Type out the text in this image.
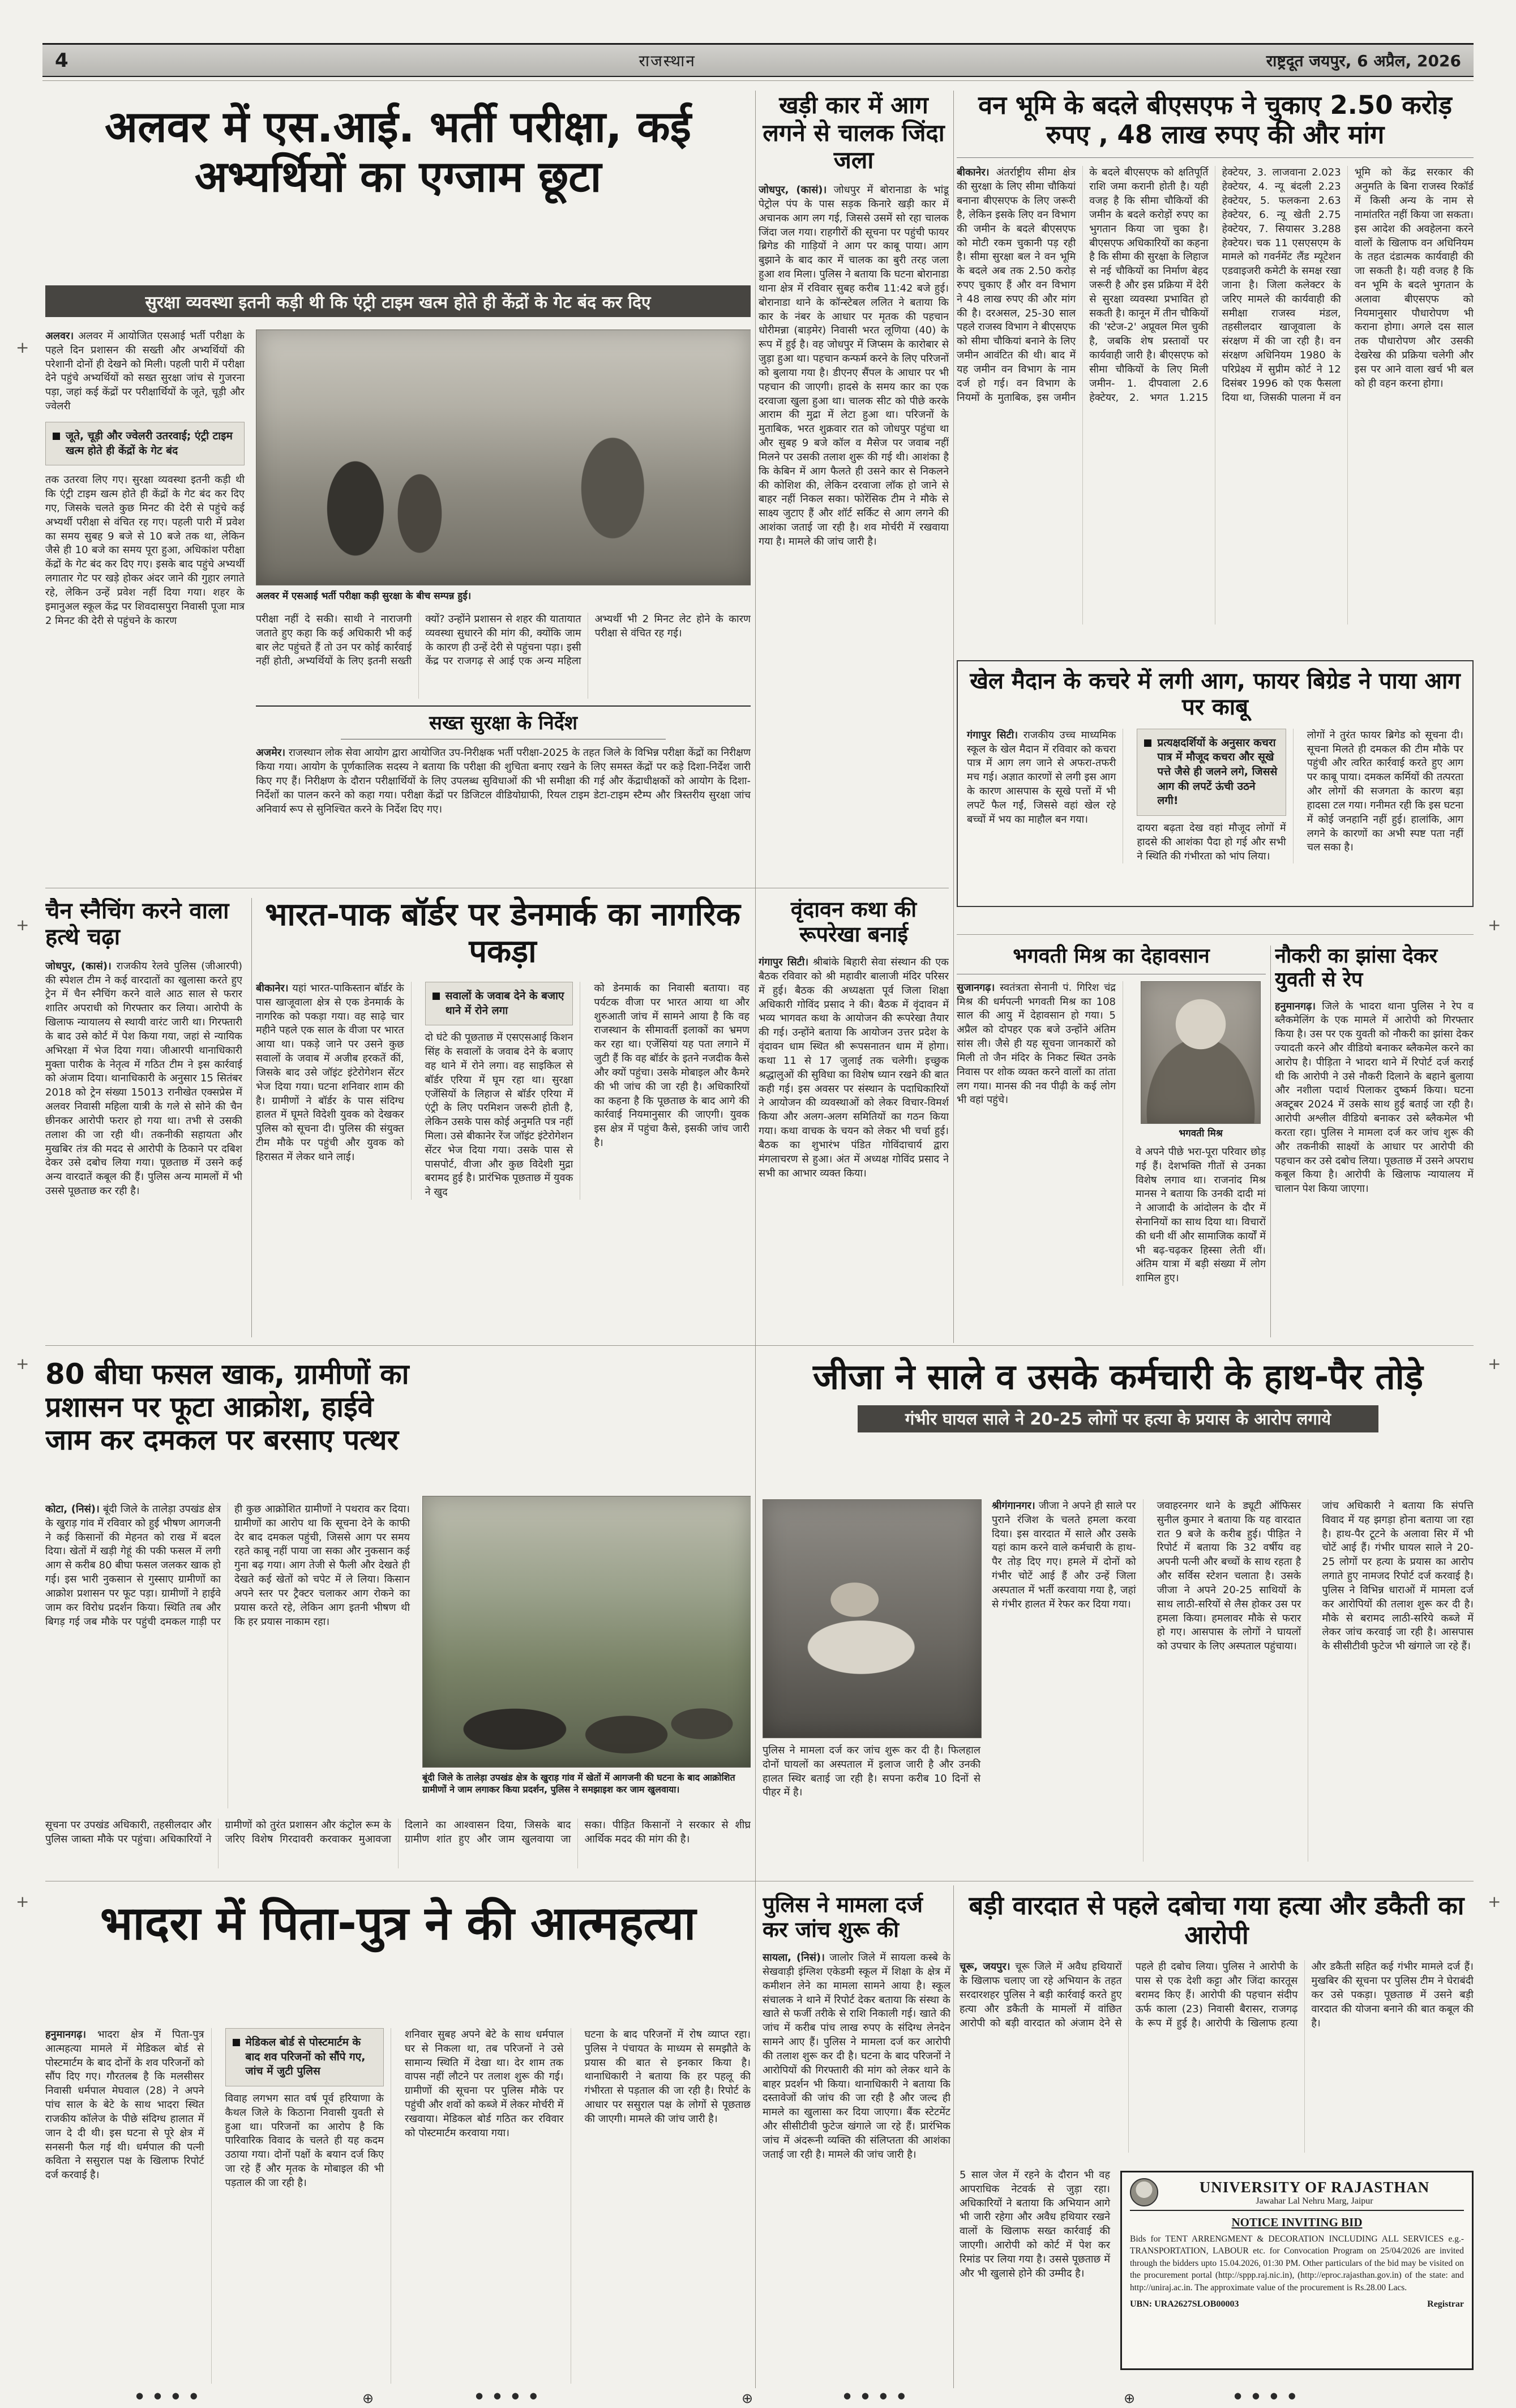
4	राजस्थान	राष्ट्रदूत जयपुर, 6 अप्रैल, 2026
अलवर में एस.आई. भर्ती परीक्षा, कई अभ्यर्थियों का एग्जाम छूटा
सुरक्षा व्यवस्था इतनी कड़ी थी कि एंट्री टाइम खत्म होते ही केंद्रों के गेट बंद कर दिए

अलवर। अलवर में आयोजित एसआई भर्ती परीक्षा के पहले दिन प्रशासन की सख्ती और अभ्यर्थियों की परेशानी दोनों ही देखने को मिली। पहली पारी में परीक्षा देने पहुंचे अभ्यर्थियों को सख्त सुरक्षा जांच से गुजरना पड़ा, जहां कई केंद्रों पर परीक्षार्थियों के जूते, चूड़ी और ज्वेलरी

जूते, चूड़ी और ज्वेलरी उतरवाई; एंट्री टाइम खत्म होते ही केंद्रों के गेट बंद

तक उतरवा लिए गए। सुरक्षा व्यवस्था इतनी कड़ी थी कि एंट्री टाइम खत्म होते ही केंद्रों के गेट बंद कर दिए गए, जिसके चलते कुछ मिनट की देरी से पहुंचे कई अभ्यर्थी परीक्षा से वंचित रह गए। पहली पारी में प्रवेश का समय सुबह 9 बजे से 10 बजे तक था, लेकिन जैसे ही 10 बजे का समय पूरा हुआ, अधिकांश परीक्षा केंद्रों के गेट बंद कर दिए गए। इसके बाद पहुंचे अभ्यर्थी लगातार गेट पर खड़े होकर अंदर जाने की गुहार लगाते रहे, लेकिन उन्हें प्रवेश नहीं दिया गया। शहर के इमानुअल स्कूल केंद्र पर शिवदासपुरा निवासी पूजा मात्र 2 मिनट की देरी से पहुंचने के कारण

अलवर में एसआई भर्ती परीक्षा कड़ी सुरक्षा के बीच सम्पन्न हुई।

परीक्षा नहीं दे सकी। साथी ने नाराजगी जताते हुए कहा कि कई अधिकारी भी कई बार लेट पहुंचते हैं तो उन पर कोई कार्रवाई नहीं होती, अभ्यर्थियों के लिए इतनी सख्ती क्यों? उन्होंने प्रशासन से शहर की यातायात व्यवस्था सुधारने की मांग की, क्योंकि जाम के कारण ही उन्हें देरी से पहुंचना पड़ा। इसी केंद्र पर राजगढ़ से आई एक अन्य महिला अभ्यर्थी भी 2 मिनट लेट होने के कारण परीक्षा से वंचित रह गई।
सख्त सुरक्षा के निर्देश

अजमेर। राजस्थान लोक सेवा आयोग द्वारा आयोजित उप-निरीक्षक भर्ती परीक्षा-2025 के तहत जिले के विभिन्न परीक्षा केंद्रों का निरीक्षण किया गया। आयोग के पूर्णकालिक सदस्य ने बताया कि परीक्षा की शुचिता बनाए रखने के लिए समस्त केंद्रों पर कड़े दिशा-निर्देश जारी किए गए हैं। निरीक्षण के दौरान परीक्षार्थियों के लिए उपलब्ध सुविधाओं की भी समीक्षा की गई और केंद्राधीक्षकों को आयोग के दिशा-निर्देशों का पालन करने को कहा गया। परीक्षा केंद्रों पर डिजिटल वीडियोग्राफी, रियल टाइम डेटा-टाइम स्टैम्प और त्रिस्तरीय सुरक्षा जांच अनिवार्य रूप से सुनिश्चित करने के निर्देश दिए गए।

खड़ी कार में आग लगने से चालक जिंदा जला

जोधपुर, (कासं)। जोधपुर में बोरानाडा के भांडू पेट्रोल पंप के पास सड़क किनारे खड़ी कार में अचानक आग लग गई, जिससे उसमें सो रहा चालक जिंदा जल गया। राहगीरों की सूचना पर पहुंची फायर ब्रिगेड की गाड़ियों ने आग पर काबू पाया। आग बुझाने के बाद कार में चालक का बुरी तरह जला हुआ शव मिला। पुलिस ने बताया कि घटना बोरानाडा थाना क्षेत्र में रविवार सुबह करीब 11:42 बजे हुई। बोरानाडा थाने के कॉन्स्टेबल ललित ने बताया कि कार के नंबर के आधार पर मृतक की पहचान धोरीमन्ना (बाड़मेर) निवासी भरत लूणिया (40) के रूप में हुई है। वह जोधपुर में जिप्सम के कारोबार से जुड़ा हुआ था। पहचान कन्फर्म करने के लिए परिजनों को बुलाया गया है। डीएनए सैंपल के आधार पर भी पहचान की जाएगी। हादसे के समय कार का एक दरवाजा खुला हुआ था। चालक सीट को पीछे करके आराम की मुद्रा में लेटा हुआ था। परिजनों के मुताबिक, भरत शुक्रवार रात को जोधपुर पहुंचा था और सुबह 9 बजे कॉल व मैसेज पर जवाब नहीं मिलने पर उसकी तलाश शुरू की गई थी। आशंका है कि केबिन में आग फैलते ही उसने कार से निकलने की कोशिश की, लेकिन दरवाजा लॉक हो जाने से बाहर नहीं निकल सका। फोरेंसिक टीम ने मौके से साक्ष्य जुटाए हैं और शॉर्ट सर्किट से आग लगने की आशंका जताई जा रही है। शव मोर्चरी में रखवाया गया है। मामले की जांच जारी है।

वन भूमि के बदले बीएसएफ ने चुकाए 2.50 करोड़ रुपए , 48 लाख रुपए की और मांग

बीकानेर। अंतर्राष्ट्रीय सीमा क्षेत्र की सुरक्षा के लिए सीमा चौकियां बनाना बीएसएफ के लिए जरूरी है, लेकिन इसके लिए वन विभाग की जमीन के बदले बीएसएफ को मोटी रकम चुकानी पड़ रही है। सीमा सुरक्षा बल ने वन भूमि के बदले अब तक 2.50 करोड़ रुपए चुकाए हैं और वन विभाग ने 48 लाख रुपए की और मांग की है। दरअसल, 25-30 साल पहले राजस्व विभाग ने बीएसएफ को सीमा चौकियां बनाने के लिए जमीन आवंटित की थी। बाद में यह जमीन वन विभाग के नाम दर्ज हो गई। वन विभाग के नियमों के मुताबिक, इस जमीन के बदले बीएसएफ को क्षतिपूर्ति राशि जमा करानी होती है। यही वजह है कि सीमा चौकियों की जमीन के बदले करोड़ों रुपए का भुगतान किया जा चुका है। बीएसएफ अधिकारियों का कहना है कि सीमा की सुरक्षा के लिहाज से नई चौकियों का निर्माण बेहद जरूरी है और इस प्रक्रिया में देरी से सुरक्षा व्यवस्था प्रभावित हो सकती है। कानून में तीन चौकियों की 'स्टेज-2' अप्रूवल मिल चुकी है, जबकि शेष प्रस्तावों पर कार्यवाही जारी है। बीएसएफ को सीमा चौकियों के लिए मिली जमीन- 1. दीपवाला 2.6 हेक्टेयर, 2. भगत 1.215 हेक्टेयर, 3. लाजवाना 2.023 हेक्टेयर, 4. न्यू बंदली 2.23 हेक्टेयर, 5. फलकना 2.63 हेक्टेयर, 6. न्यू खेती 2.75 हेक्टेयर, 7. सियासर 3.288 हेक्टेयर। चक 11 एसएसएम के मामले को गवर्नमेंट लैंड म्यूटेशन एडवाइजरी कमेटी के समक्ष रखा जाना है। जिला कलेक्टर के जरिए मामले की कार्यवाही की समीक्षा राजस्व मंडल, तहसीलदार खाजूवाला के संरक्षण में की जा रही है। वन संरक्षण अधिनियम 1980 के परिप्रेक्ष्य में सुप्रीम कोर्ट ने 12 दिसंबर 1996 को एक फैसला दिया था, जिसकी पालना में वन भूमि को केंद्र सरकार की अनुमति के बिना राजस्व रिकॉर्ड में किसी अन्य के नाम से नामांतरित नहीं किया जा सकता। इस आदेश की अवहेलना करने वालों के खिलाफ वन अधिनियम के तहत दंडात्मक कार्यवाही की जा सकती है। यही वजह है कि वन भूमि के बदले भुगतान के अलावा बीएसएफ को नियमानुसार पौधारोपण भी कराना होगा। अगले दस साल तक पौधारोपण और उसकी देखरेख की प्रक्रिया चलेगी और इस पर आने वाला खर्च भी बल को ही वहन करना होगा।

खेल मैदान के कचरे में लगी आग, फायर बिग्रेड ने पाया आग पर काबू

गंगापुर सिटी। राजकीय उच्च माध्यमिक स्कूल के खेल मैदान में रविवार को कचरा पात्र में आग लग जाने से अफरा-तफरी मच गई। अज्ञात कारणों से लगी इस आग के कारण आसपास के सूखे पत्तों में भी लपटें फैल गईं, जिससे वहां खेल रहे बच्चों में भय का माहौल बन गया।

प्रत्यक्षदर्शियों के अनुसार कचरा पात्र में मौजूद कचरा और सूखे पत्ते जैसे ही जलने लगे, जिससे आग की लपटें ऊंची उठने लगी!

दायरा बढ़ता देख वहां मौजूद लोगों में हादसे की आशंका पैदा हो गई और सभी ने स्थिति की गंभीरता को भांप लिया।

लोगों ने तुरंत फायर ब्रिगेड को सूचना दी। सूचना मिलते ही दमकल की टीम मौके पर पहुंची और त्वरित कार्रवाई करते हुए आग पर काबू पाया। दमकल कर्मियों की तत्परता और लोगों की सजगता के कारण बड़ा हादसा टल गया। गनीमत रही कि इस घटना में कोई जनहानि नहीं हुई। हालांकि, आग लगने के कारणों का अभी स्पष्ट पता नहीं चल सका है।

चैन स्नैचिंग करने वाला हत्थे चढ़ा

जोधपुर, (कासं)। राजकीय रेलवे पुलिस (जीआरपी) की स्पेशल टीम ने कई वारदातों का खुलासा करते हुए ट्रेन में चैन स्नैचिंग करने वाले आठ साल से फरार शातिर अपराधी को गिरफ्तार कर लिया। आरोपी के खिलाफ न्यायालय से स्थायी वारंट जारी था। गिरफ्तारी के बाद उसे कोर्ट में पेश किया गया, जहां से न्यायिक अभिरक्षा में भेज दिया गया। जीआरपी थानाधिकारी मुक्ता पारीक के नेतृत्व में गठित टीम ने इस कार्रवाई को अंजाम दिया। थानाधिकारी के अनुसार 15 सितंबर 2018 को ट्रेन संख्या 15013 रानीखेत एक्सप्रेस में अलवर निवासी महिला यात्री के गले से सोने की चैन छीनकर आरोपी फरार हो गया था। तभी से उसकी तलाश की जा रही थी। तकनीकी सहायता और मुखबिर तंत्र की मदद से आरोपी के ठिकाने पर दबिश देकर उसे दबोच लिया गया। पूछताछ में उसने कई अन्य वारदातें कबूल की हैं। पुलिस अन्य मामलों में भी उससे पूछताछ कर रही है।

भारत-पाक बॉर्डर पर डेनमार्क का नागरिक पकड़ा

बीकानेर। यहां भारत-पाकिस्तान बॉर्डर के पास खाजूवाला क्षेत्र से एक डेनमार्क के नागरिक को पकड़ा गया। वह साढ़े चार महीने पहले एक साल के वीजा पर भारत आया था। पकड़े जाने पर उसने कुछ सवालों के जवाब में अजीब हरकतें कीं, जिसके बाद उसे जॉइंट इंटेरोगेशन सेंटर भेज दिया गया। घटना शनिवार शाम की है। ग्रामीणों ने बॉर्डर के पास संदिग्ध हालत में घूमते विदेशी युवक को देखकर पुलिस को सूचना दी। पुलिस की संयुक्त टीम मौके पर पहुंची और युवक को हिरासत में लेकर थाने लाई।

सवालों के जवाब देने के बजाए थाने में रोने लगा

दो घंटे की पूछताछ में एसएसआई किशन सिंह के सवालों के जवाब देने के बजाए वह थाने में रोने लगा। वह साइकिल से बॉर्डर एरिया में घूम रहा था। सुरक्षा एजेंसियों के लिहाज से बॉर्डर एरिया में एंट्री के लिए परमिशन जरूरी होती है, लेकिन उसके पास कोई अनुमति पत्र नहीं मिला। उसे बीकानेर रेंज जॉइंट इंटेरोगेशन सेंटर भेज दिया गया। उसके पास से पासपोर्ट, वीजा और कुछ विदेशी मुद्रा बरामद हुई है। प्रारंभिक पूछताछ में युवक ने खुद

को डेनमार्क का निवासी बताया। वह पर्यटक वीजा पर भारत आया था और शुरुआती जांच में सामने आया है कि वह राजस्थान के सीमावर्ती इलाकों का भ्रमण कर रहा था। एजेंसियां यह पता लगाने में जुटी हैं कि वह बॉर्डर के इतने नजदीक कैसे और क्यों पहुंचा। उसके मोबाइल और कैमरे की भी जांच की जा रही है। अधिकारियों का कहना है कि पूछताछ के बाद आगे की कार्रवाई नियमानुसार की जाएगी। युवक इस क्षेत्र में पहुंचा कैसे, इसकी जांच जारी है।

वृंदावन कथा की रूपरेखा बनाई

गंगापुर सिटी। श्रीबांके बिहारी सेवा संस्थान की एक बैठक रविवार को श्री महावीर बालाजी मंदिर परिसर में हुई। बैठक की अध्यक्षता पूर्व जिला शिक्षा अधिकारी गोविंद प्रसाद ने की। बैठक में वृंदावन में भव्य भागवत कथा के आयोजन की रूपरेखा तैयार की गई। उन्होंने बताया कि आयोजन उत्तर प्रदेश के वृंदावन धाम स्थित श्री रूपसनातन धाम में होगा। कथा 11 से 17 जुलाई तक चलेगी। इच्छुक श्रद्धालुओं की सुविधा का विशेष ध्यान रखने की बात कही गई। इस अवसर पर संस्थान के पदाधिकारियों ने आयोजन की व्यवस्थाओं को लेकर विचार-विमर्श किया और अलग-अलग समितियों का गठन किया गया। कथा वाचक के चयन को लेकर भी चर्चा हुई। बैठक का शुभारंभ पंडित गोविंदाचार्य द्वारा मंगलाचरण से हुआ। अंत में अध्यक्ष गोविंद प्रसाद ने सभी का आभार व्यक्त किया।

भगवती मिश्र का देहावसान

सुजानगढ़। स्वतंत्रता सेनानी पं. गिरिश चंद्र मिश्र की धर्मपत्नी भगवती मिश्र का 108 साल की आयु में देहावसान हो गया। 5 अप्रैल को दोपहर एक बजे उन्होंने अंतिम सांस ली। जैसे ही यह सूचना जानकारों को मिली तो जैन मंदिर के निकट स्थित उनके निवास पर शोक व्यक्त करने वालों का तांता लग गया। मानस की नव पीढ़ी के कई लोग भी वहां पहुंचे।

भगवती मिश्र

वे अपने पीछे भरा-पूरा परिवार छोड़ गई हैं। देशभक्ति गीतों से उनका विशेष लगाव था। राजनांद मिश्र मानस ने बताया कि उनकी दादी मां ने आजादी के आंदोलन के दौर में सेनानियों का साथ दिया था। विचारों की धनी थीं और सामाजिक कार्यों में भी बढ़-चढ़कर हिस्सा लेती थीं। अंतिम यात्रा में बड़ी संख्या में लोग शामिल हुए।

नौकरी का झांसा देकर युवती से रेप

हनुमानगढ़। जिले के भादरा थाना पुलिस ने रेप व ब्लैकमेलिंग के एक मामले में आरोपी को गिरफ्तार किया है। उस पर एक युवती को नौकरी का झांसा देकर ज्यादती करने और वीडियो बनाकर ब्लैकमेल करने का आरोप है। पीड़िता ने भादरा थाने में रिपोर्ट दर्ज कराई थी कि आरोपी ने उसे नौकरी दिलाने के बहाने बुलाया और नशीला पदार्थ पिलाकर दुष्कर्म किया। घटना अक्टूबर 2024 में उसके साथ हुई बताई जा रही है। आरोपी अश्लील वीडियो बनाकर उसे ब्लैकमेल भी करता रहा। पुलिस ने मामला दर्ज कर जांच शुरू की और तकनीकी साक्ष्यों के आधार पर आरोपी की पहचान कर उसे दबोच लिया। पूछताछ में उसने अपराध कबूल किया है। आरोपी के खिलाफ न्यायालय में चालान पेश किया जाएगा।

80 बीघा फसल खाक, ग्रामीणों का प्रशासन पर फूटा आक्रोश, हाईवे जाम कर दमकल पर बरसाए पत्थर

बूंदी जिले के तालेड़ा उपखंड क्षेत्र के खुराड़ गांव में खेतों में आगजनी की घटना के बाद आक्रोशित ग्रामीणों ने जाम लगाकर किया प्रदर्शन, पुलिस ने समझाइश कर जाम खुलवाया।

कोटा, (निसं)। बूंदी जिले के तालेड़ा उपखंड क्षेत्र के खुराड़ गांव में रविवार को हुई भीषण आगजनी ने कई किसानों की मेहनत को राख में बदल दिया। खेतों में खड़ी गेहूं की पकी फसल में लगी आग से करीब 80 बीघा फसल जलकर खाक हो गई। इस भारी नुकसान से गुस्साए ग्रामीणों का आक्रोश प्रशासन पर फूट पड़ा। ग्रामीणों ने हाईवे जाम कर विरोध प्रदर्शन किया। स्थिति तब और बिगड़ गई जब मौके पर पहुंची दमकल गाड़ी पर ही कुछ आक्रोशित ग्रामीणों ने पथराव कर दिया। ग्रामीणों का आरोप था कि सूचना देने के काफी देर बाद दमकल पहुंची, जिससे आग पर समय रहते काबू नहीं पाया जा सका और नुकसान कई गुना बढ़ गया। आग तेजी से फैली और देखते ही देखते कई खेतों को चपेट में ले लिया। किसान अपने स्तर पर ट्रैक्टर चलाकर आग रोकने का प्रयास करते रहे, लेकिन आग इतनी भीषण थी कि हर प्रयास नाकाम रहा।

सूचना पर उपखंड अधिकारी, तहसीलदार और पुलिस जाब्ता मौके पर पहुंचा। अधिकारियों ने ग्रामीणों को तुरंत प्रशासन और कंट्रोल रूम के जरिए विशेष गिरदावरी करवाकर मुआवजा दिलाने का आश्वासन दिया, जिसके बाद ग्रामीण शांत हुए और जाम खुलवाया जा सका। पीड़ित किसानों ने सरकार से शीघ्र आर्थिक मदद की मांग की है।
जीजा ने साले व उसके कर्मचारी के हाथ-पैर तोड़े
गंभीर घायल साले ने 20-25 लोगों पर हत्या के प्रयास के आरोप लगाये

पुलिस ने मामला दर्ज कर जांच शुरू कर दी है। फिलहाल दोनों घायलों का अस्पताल में इलाज जारी है और उनकी हालत स्थिर बताई जा रही है। सपना करीब 10 दिनों से पीहर में है।

श्रीगंगानगर। जीजा ने अपने ही साले पर पुराने रंजिश के चलते हमला करवा दिया। इस वारदात में साले और उसके यहां काम करने वाले कर्मचारी के हाथ-पैर तोड़ दिए गए। हमले में दोनों को गंभीर चोटें आई हैं और उन्हें जिला अस्पताल में भर्ती करवाया गया है, जहां से गंभीर हालत में रेफर कर दिया गया।

जवाहरनगर थाने के ड्यूटी ऑफिसर सुनील कुमार ने बताया कि यह वारदात रात 9 बजे के करीब हुई। पीड़ित ने रिपोर्ट में बताया कि 32 वर्षीय वह अपनी पत्नी और बच्चों के साथ रहता है और सर्विस स्टेशन चलाता है। उसके जीजा ने अपने 20-25 साथियों के साथ लाठी-सरियों से लैस होकर उस पर हमला किया। हमलावर मौके से फरार हो गए। आसपास के लोगों ने घायलों को उपचार के लिए अस्पताल पहुंचाया।

जांच अधिकारी ने बताया कि संपत्ति विवाद में यह झगड़ा होना बताया जा रहा है। हाथ-पैर टूटने के अलावा सिर में भी चोटें आई हैं। गंभीर घायल साले ने 20-25 लोगों पर हत्या के प्रयास का आरोप लगाते हुए नामजद रिपोर्ट दर्ज करवाई है। पुलिस ने विभिन्न धाराओं में मामला दर्ज कर आरोपियों की तलाश शुरू कर दी है। मौके से बरामद लाठी-सरिये कब्जे में लेकर जांच करवाई जा रही है। आसपास के सीसीटीवी फुटेज भी खंगाले जा रहे हैं।

भादरा में पिता-पुत्र ने की आत्महत्या

हनुमानगढ़। भादरा क्षेत्र में पिता-पुत्र आत्महत्या मामले में मेडिकल बोर्ड से पोस्टमार्टम के बाद दोनों के शव परिजनों को सौंप दिए गए। गौरतलब है कि मलसीसर निवासी धर्मपाल मेघवाल (28) ने अपने पांच साल के बेटे के साथ भादरा स्थित राजकीय कॉलेज के पीछे संदिग्ध हालात में जान दे दी थी। इस घटना से पूरे क्षेत्र में सनसनी फैल गई थी। धर्मपाल की पत्नी कविता ने ससुराल पक्ष के खिलाफ रिपोर्ट दर्ज करवाई है।

मेडिकल बोर्ड से पोस्टमार्टम के बाद शव परिजनों को सौंपे गए, जांच में जुटी पुलिस

विवाह लगभग सात वर्ष पूर्व हरियाणा के कैथल जिले के किठाना निवासी युवती से हुआ था। परिजनों का आरोप है कि पारिवारिक विवाद के चलते ही यह कदम उठाया गया। दोनों पक्षों के बयान दर्ज किए जा रहे हैं और मृतक के मोबाइल की भी पड़ताल की जा रही है।

शनिवार सुबह अपने बेटे के साथ धर्मपाल घर से निकला था, तब परिजनों ने उसे सामान्य स्थिति में देखा था। देर शाम तक वापस नहीं लौटने पर तलाश शुरू की गई। ग्रामीणों की सूचना पर पुलिस मौके पर पहुंची और शवों को कब्जे में लेकर मोर्चरी में रखवाया। मेडिकल बोर्ड गठित कर रविवार को पोस्टमार्टम करवाया गया।

घटना के बाद परिजनों में रोष व्याप्त रहा। पुलिस ने पंचायत के माध्यम से समझौते के प्रयास की बात से इनकार किया है। थानाधिकारी ने बताया कि हर पहलू की गंभीरता से पड़ताल की जा रही है। रिपोर्ट के आधार पर ससुराल पक्ष के लोगों से पूछताछ की जाएगी। मामले की जांच जारी है।

पुलिस ने मामला दर्ज कर जांच शुरू की

सायला, (निसं)। जालोर जिले में सायला कस्बे के सेखवाड़ी इंग्लिश एकेडमी स्कूल में शिक्षा के क्षेत्र में कमीशन लेने का मामला सामने आया है। स्कूल संचालक ने थाने में रिपोर्ट देकर बताया कि संस्था के खाते से फर्जी तरीके से राशि निकाली गई। खाते की जांच में करीब पांच लाख रुपए के संदिग्ध लेनदेन सामने आए हैं। पुलिस ने मामला दर्ज कर आरोपी की तलाश शुरू कर दी है। घटना के बाद परिजनों ने आरोपियों की गिरफ्तारी की मांग को लेकर थाने के बाहर प्रदर्शन भी किया। थानाधिकारी ने बताया कि दस्तावेजों की जांच की जा रही है और जल्द ही मामले का खुलासा कर दिया जाएगा। बैंक स्टेटमेंट और सीसीटीवी फुटेज खंगाले जा रहे हैं। प्रारंभिक जांच में अंदरूनी व्यक्ति की संलिप्तता की आशंका जताई जा रही है। मामले की जांच जारी है।

बड़ी वारदात से पहले दबोचा गया हत्या और डकैती का आरोपी

चूरू, जयपुर। चूरू जिले में अवैध हथियारों के खिलाफ चलाए जा रहे अभियान के तहत सरदारशहर पुलिस ने बड़ी कार्रवाई करते हुए हत्या और डकैती के मामलों में वांछित आरोपी को बड़ी वारदात को अंजाम देने से पहले ही दबोच लिया। पुलिस ने आरोपी के पास से एक देशी कट्टा और जिंदा कारतूस बरामद किए हैं। आरोपी की पहचान संदीप ऊर्फ काला (23) निवासी बैरासर, राजगढ़ के रूप में हुई है। आरोपी के खिलाफ हत्या और डकैती सहित कई गंभीर मामले दर्ज हैं। मुखबिर की सूचना पर पुलिस टीम ने घेराबंदी कर उसे पकड़ा। पूछताछ में उसने बड़ी वारदात की योजना बनाने की बात कबूल की है।

5 साल जेल में रहने के दौरान भी वह आपराधिक नेटवर्क से जुड़ा रहा। अधिकारियों ने बताया कि अभियान आगे भी जारी रहेगा और अवैध हथियार रखने वालों के खिलाफ सख्त कार्रवाई की जाएगी। आरोपी को कोर्ट में पेश कर रिमांड पर लिया गया है। उससे पूछताछ में और भी खुलासे होने की उम्मीद है।

UNIVERSITY OF RAJASTHAN
Jawahar Lal Nehru Marg, Jaipur
NOTICE INVITING BID

Bids for TENT ARRENGMENT & DECORATION INCLUDING ALL SERVICES e.g.- TRANSPORTATION, LABOUR etc. for Convocation Program on 25/04/2026 are invited through the bidders upto 15.04.2026, 01:30 PM. Other particulars of the bid may be visited on the procurement portal (http://sppp.raj.nic.in), (http://eproc.rajasthan.gov.in) of the state: and http://uniraj.ac.in. The approximate value of the procurement is Rs.28.00 Lacs.

UBN: URA2627SLOB00003	Registrar
+
+
+
+
+
+
+
● ● ● ●	⊕	● ● ● ●	⊕	● ● ● ●	⊕	● ● ● ●
